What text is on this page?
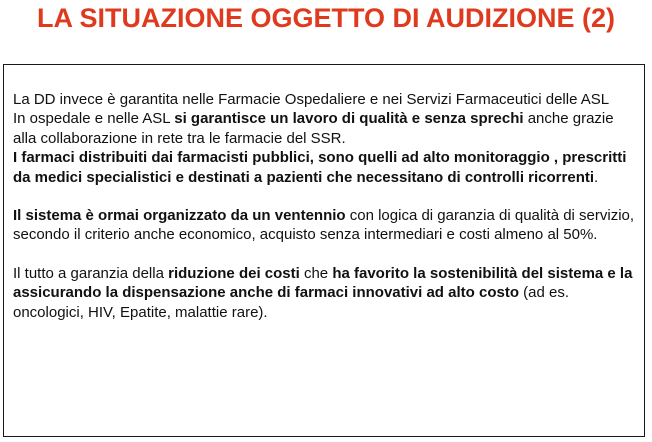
LA SITUAZIONE OGGETTO DI AUDIZIONE (2)

La DD invece è garantita nelle Farmacie Ospedaliere e nei Servizi Farmaceutici delle ASL

In ospedale e nelle ASL si garantisce un lavoro di qualità e senza sprechi anche grazie alla collaborazione in rete tra le farmacie del SSR.

I farmaci distribuiti dai farmacisti pubblici, sono quelli ad alto monitoraggio , prescritti da medici specialistici e destinati a pazienti che necessitano di controlli ricorrenti.

Il sistema è ormai organizzato da un ventennio con logica di garanzia di qualità di servizio, secondo il criterio anche economico, acquisto senza intermediari e costi almeno al 50%.

Il tutto a garanzia della riduzione dei costi che ha favorito la sostenibilità del sistema e la assicurando la dispensazione anche di farmaci innovativi ad alto costo (ad es. oncologici, HIV, Epatite, malattie rare).
